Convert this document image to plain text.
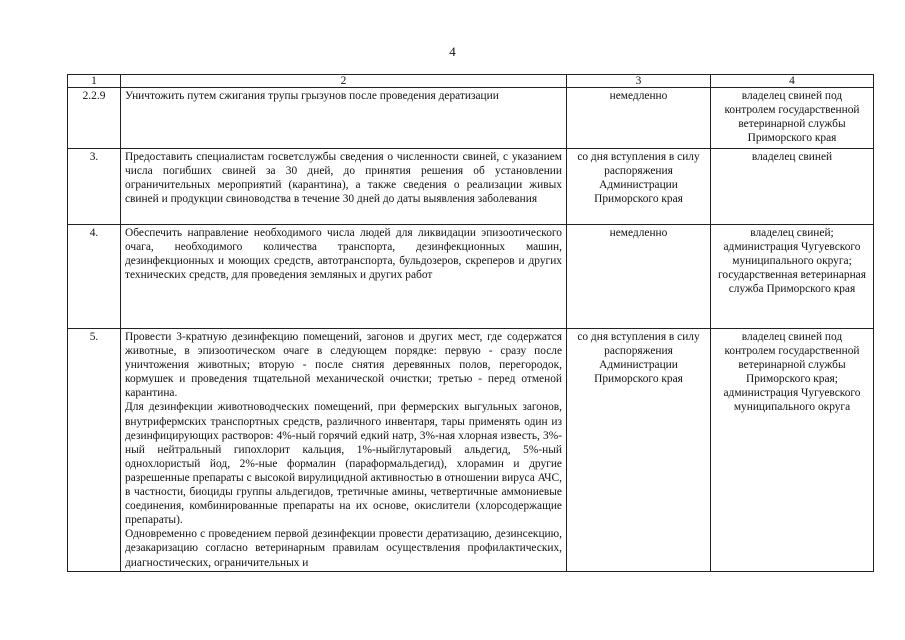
4
1	2	3	4
2.2.9	Уничтожить путем сжигания трупы грызунов после проведения дератизации	немедленно	владелец свиней под контролем государственной ветеринарной службы Приморского края
3.	Предоставить специалистам госветслужбы сведения о численности свиней, с указанием числа погибших свиней за 30 дней, до принятия решения об установлении ограничительных мероприятий (карантина), а также сведения о реализации живых свиней и продукции свиноводства в течение 30 дней до даты выявления заболевания	со дня вступления в силу распоряжения Администрации Приморского края	владелец свиней
4.	Обеспечить направление необходимого числа людей для ликвидации эпизоотического очага, необходимого количества транспорта, дезинфекционных машин, дезинфекционных и моющих средств, автотранспорта, бульдозеров, скреперов и других технических средств, для проведения земляных и других работ	немедленно	владелец свиней; администрация Чугуевского муниципального округа; государственная ветеринарная служба Приморского края
5.	Провести 3-кратную дезинфекцию помещений, загонов и других мест, где содержатся животные, в эпизоотическом очаге в следующем порядке: первую - сразу после уничтожения животных; вторую - после снятия деревянных полов, перегородок, кормушек и проведения тщательной механической очистки; третью - перед отменой карантина.
Для дезинфекции животноводческих помещений, при фермерских выгульных загонов, внутрифермских транспортных средств, различного инвентаря, тары применять один из дезинфицирующих растворов: 4%-ный горячий едкий натр, 3%-ная хлорная известь, 3%-ный нейтральный гипохлорит кальция, 1%-ныйглутаровый альдегид, 5%-ный однохлористый йод, 2%-ные формалин (параформальдегид), хлорамин и другие разрешенные препараты с высокой вирулицидной активностью в отношении вируса АЧС, в частности, биоциды группы альдегидов, третичные амины, четвертичные аммониевые соединения, комбинированные препараты на их основе, окислители (хлорсодержащие препараты).
Одновременно с проведением первой дезинфекции провести дератизацию, дезинсекцию, дезакаризацию согласно ветеринарным правилам осуществления профилактических, диагностических, ограничительных и	со дня вступления в силу распоряжения Администрации Приморского края	владелец свиней под контролем государственной ветеринарной службы Приморского края; администрация Чугуевского муниципального округа
